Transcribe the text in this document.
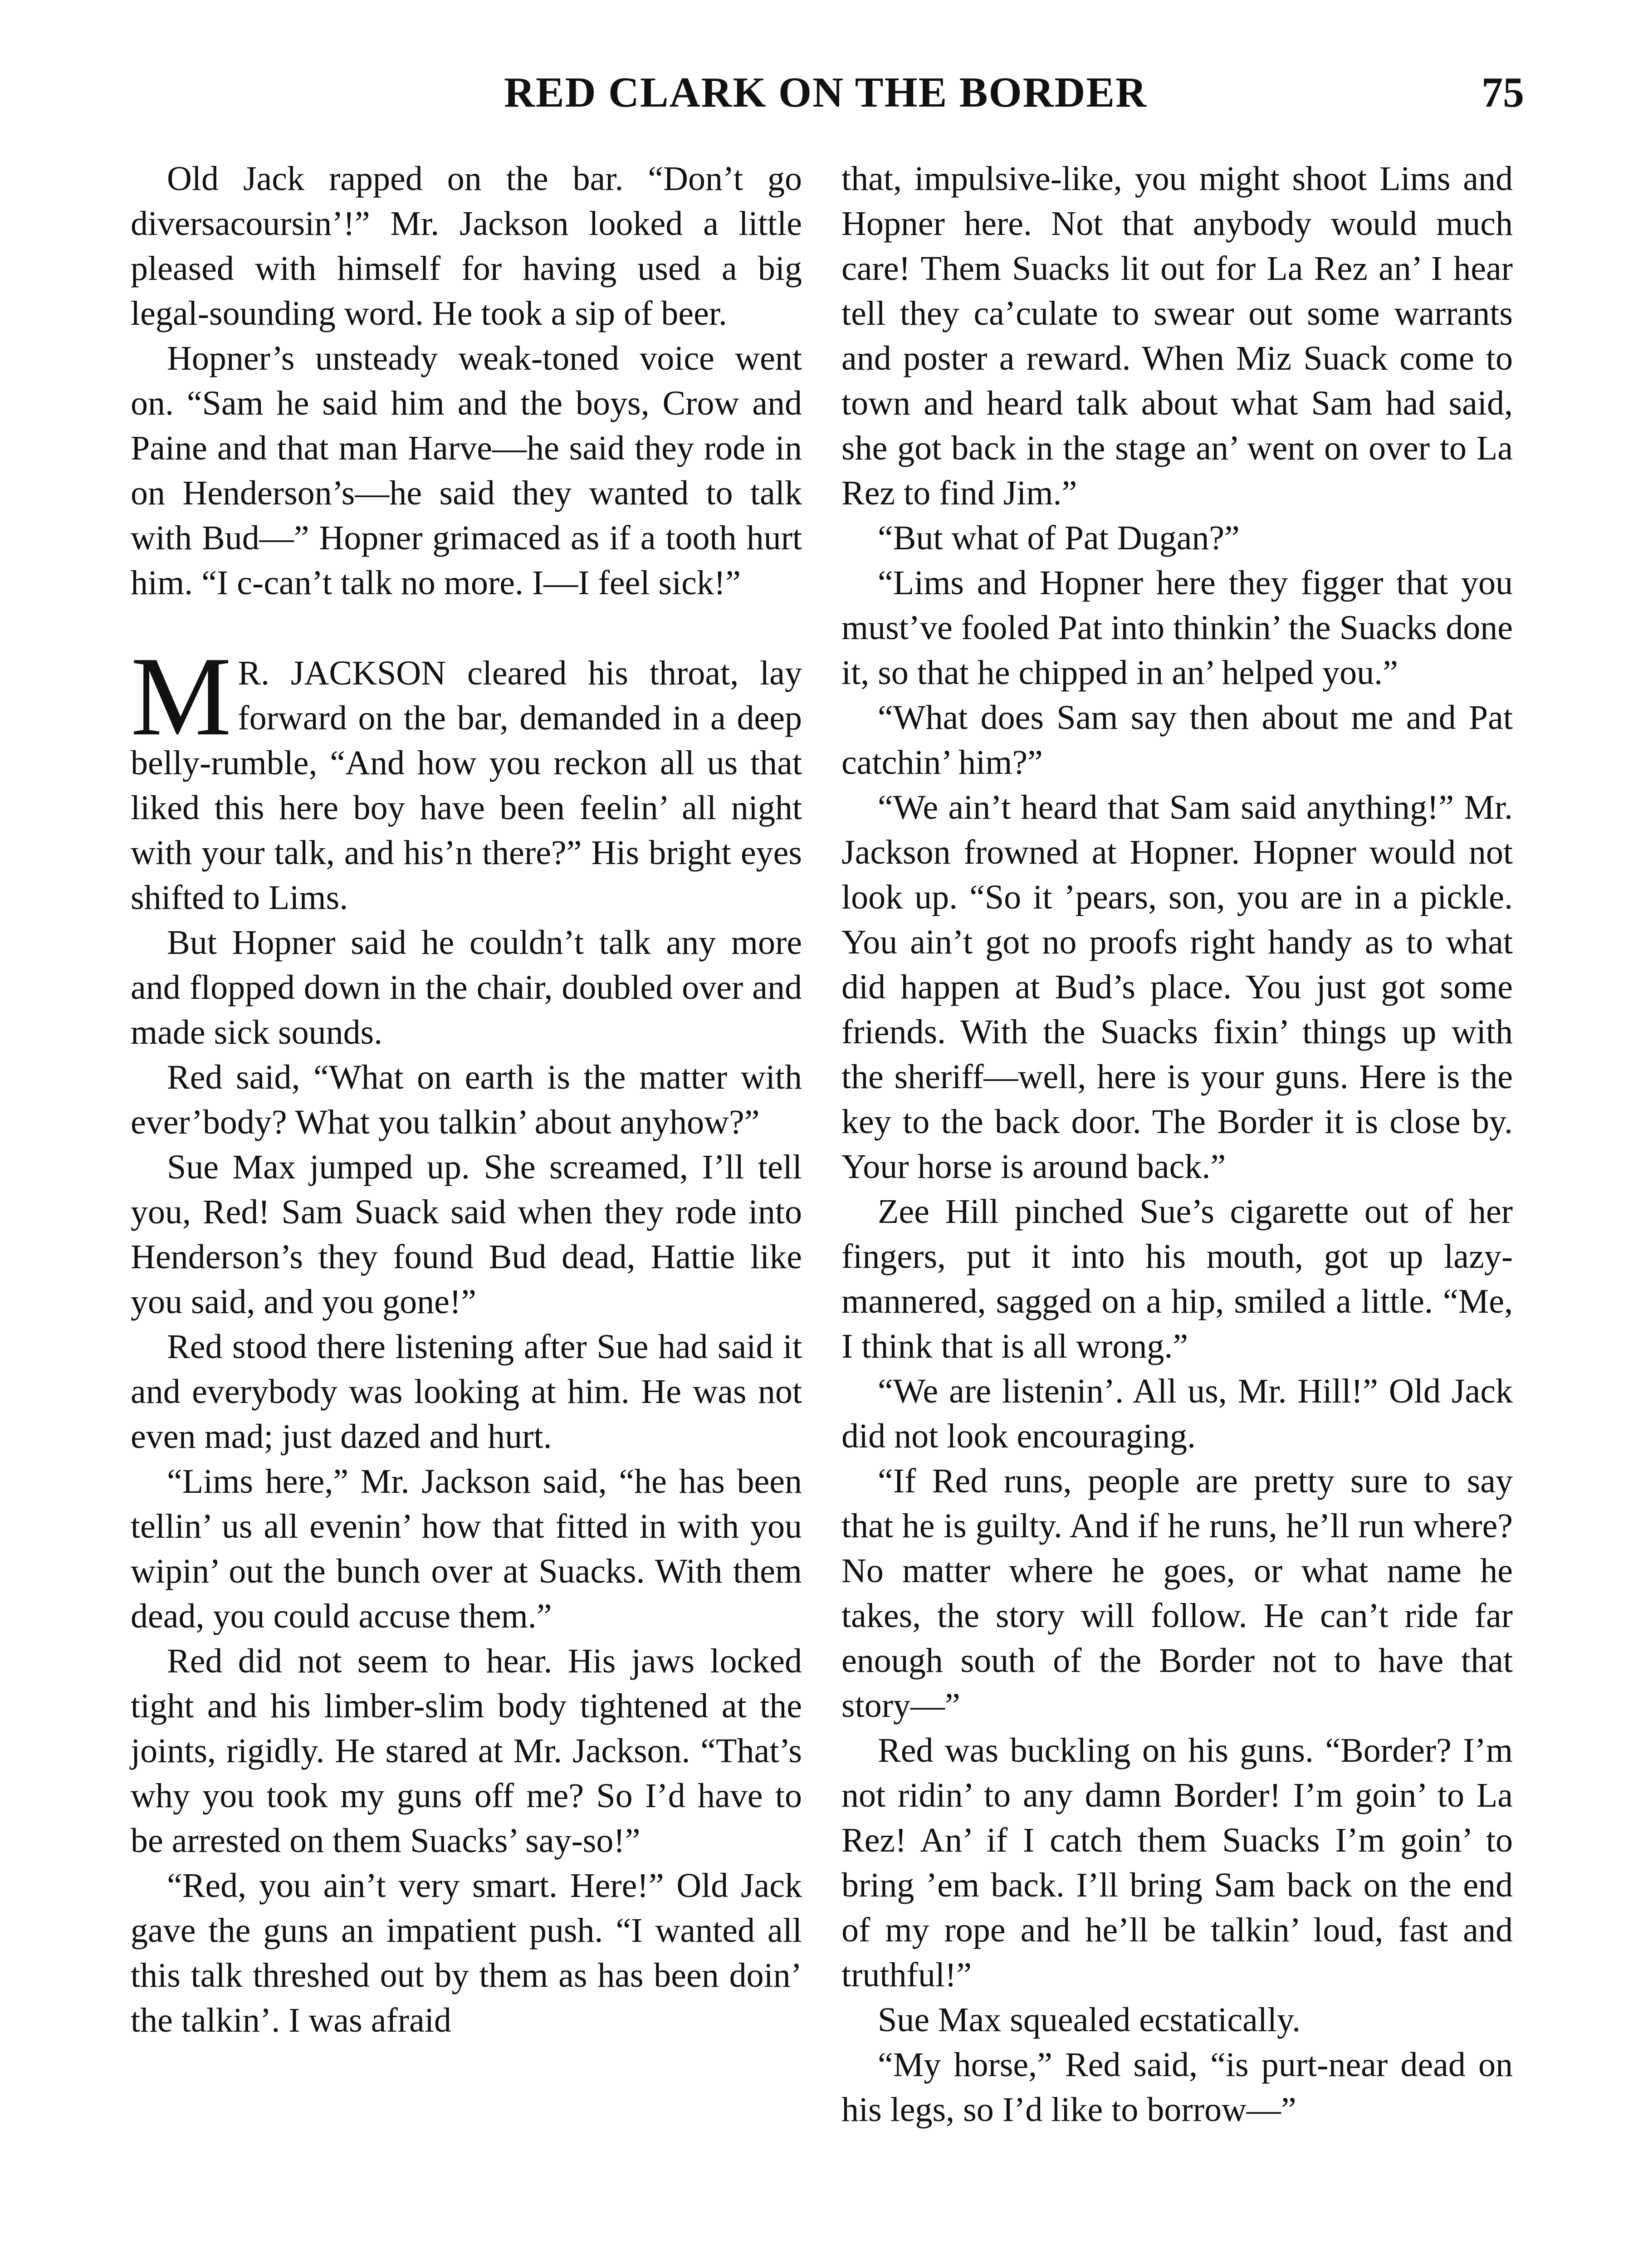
RED CLARK ON THE BORDER	75

Old Jack rapped on the bar. “Don’t go diversacoursin’!” Mr. Jackson looked a little pleased with himself for having used a big legal-sounding word. He took a sip of beer.

Hopner’s unsteady weak-toned voice went on. “Sam he said him and the boys, Crow and Paine and that man Harve—he said they rode in on Henderson’s—he said they wanted to talk with Bud—” Hopner grimaced as if a tooth hurt him. “I c-can’t talk no more. I—I feel sick!”

M R. JACKSON cleared his throat, lay forward on the bar, demanded in a deep belly-rumble, “And how you reckon all us that liked this here boy have been feelin’ all night with your talk, and his’n there?” His bright eyes shifted to Lims.

But Hopner said he couldn’t talk any more and flopped down in the chair, doubled over and made sick sounds.

Red said, “What on earth is the matter with ever’body? What you talkin’ about anyhow?”

Sue Max jumped up. She screamed, I’ll tell you, Red! Sam Suack said when they rode into Henderson’s they found Bud dead, Hattie like you said, and you gone!”

Red stood there listening after Sue had said it and everybody was looking at him. He was not even mad; just dazed and hurt.

“Lims here,” Mr. Jackson said, “he has been tellin’ us all evenin’ how that fitted in with you wipin’ out the bunch over at Suacks. With them dead, you could accuse them.”

Red did not seem to hear. His jaws locked tight and his limber-slim body tightened at the joints, rigidly. He stared at Mr. Jackson. “That’s why you took my guns off me? So I’d have to be arrested on them Suacks’ say-so!”

“Red, you ain’t very smart. Here!” Old Jack gave the guns an impatient push. “I wanted all this talk threshed out by them as has been doin’ the talkin’. I was afraid

that, impulsive-like, you might shoot Lims and Hopner here. Not that anybody would much care! Them Suacks lit out for La Rez an’ I hear tell they ca’culate to swear out some warrants and poster a reward. When Miz Suack come to town and heard talk about what Sam had said, she got back in the stage an’ went on over to La Rez to find Jim.”

“But what of Pat Dugan?”

“Lims and Hopner here they figger that you must’ve fooled Pat into thinkin’ the Suacks done it, so that he chipped in an’ helped you.”

“What does Sam say then about me and Pat catchin’ him?”

“We ain’t heard that Sam said anything!” Mr. Jackson frowned at Hopner. Hopner would not look up. “So it ’pears, son, you are in a pickle. You ain’t got no proofs right handy as to what did happen at Bud’s place. You just got some friends. With the Suacks fixin’ things up with the sheriff—well, here is your guns. Here is the key to the back door. The Border it is close by. Your horse is around back.”

Zee Hill pinched Sue’s cigarette out of her fingers, put it into his mouth, got up lazy-mannered, sagged on a hip, smiled a little. “Me, I think that is all wrong.”

“We are listenin’. All us, Mr. Hill!” Old Jack did not look encouraging.

“If Red runs, people are pretty sure to say that he is guilty. And if he runs, he’ll run where? No matter where he goes, or what name he takes, the story will follow. He can’t ride far enough south of the Border not to have that story—”

Red was buckling on his guns. “Border? I’m not ridin’ to any damn Border! I’m goin’ to La Rez! An’ if I catch them Suacks I’m goin’ to bring ’em back. I’ll bring Sam back on the end of my rope and he’ll be talkin’ loud, fast and truthful!”

Sue Max squealed ecstatically.

“My horse,” Red said, “is purt-near dead on his legs, so I’d like to borrow—”
